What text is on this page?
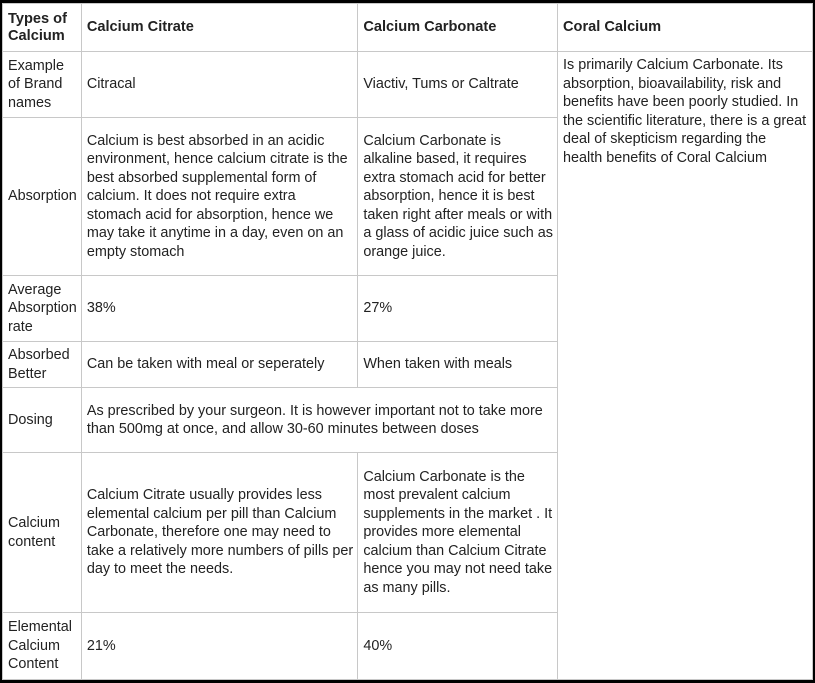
Types of Calcium	Calcium Citrate	Calcium Carbonate	Coral Calcium
Example of Brand names	Citracal	Viactiv, Tums or Caltrate	Is primarily Calcium Carbonate. Its absorption, bioavailability, risk and benefits have been poorly studied. In the scientific literature, there is a great deal of skepticism regarding the health benefits of Coral Calcium

Absorption	Calcium is best absorbed in an acidic environment, hence calcium citrate is the best absorbed supplemental form of calcium. It does not require extra stomach acid for absorption, hence we may take it anytime in a day, even on an empty stomach	Calcium Carbonate is alkaline based, it requires extra stomach acid for better absorption, hence it is best taken right after meals or with a glass of acidic juice such as orange juice.	
Average Absorption rate	38%	27%	
Absorbed Better	Can be taken with meal or seperately	When taken with meals	
Dosing	As prescribed by your surgeon. It is however important not to take more than 500mg at once, and allow 30-60 minutes between doses		
Calcium content	Calcium Citrate usually provides less elemental calcium per pill than Calcium Carbonate, therefore one may need to take a relatively more numbers of pills per day to meet the needs.	Calcium Carbonate is the most prevalent calcium supplements in the market . It provides more elemental calcium than Calcium Citrate hence you may not need take as many pills.	
Elemental Calcium Content	21%	40%	
